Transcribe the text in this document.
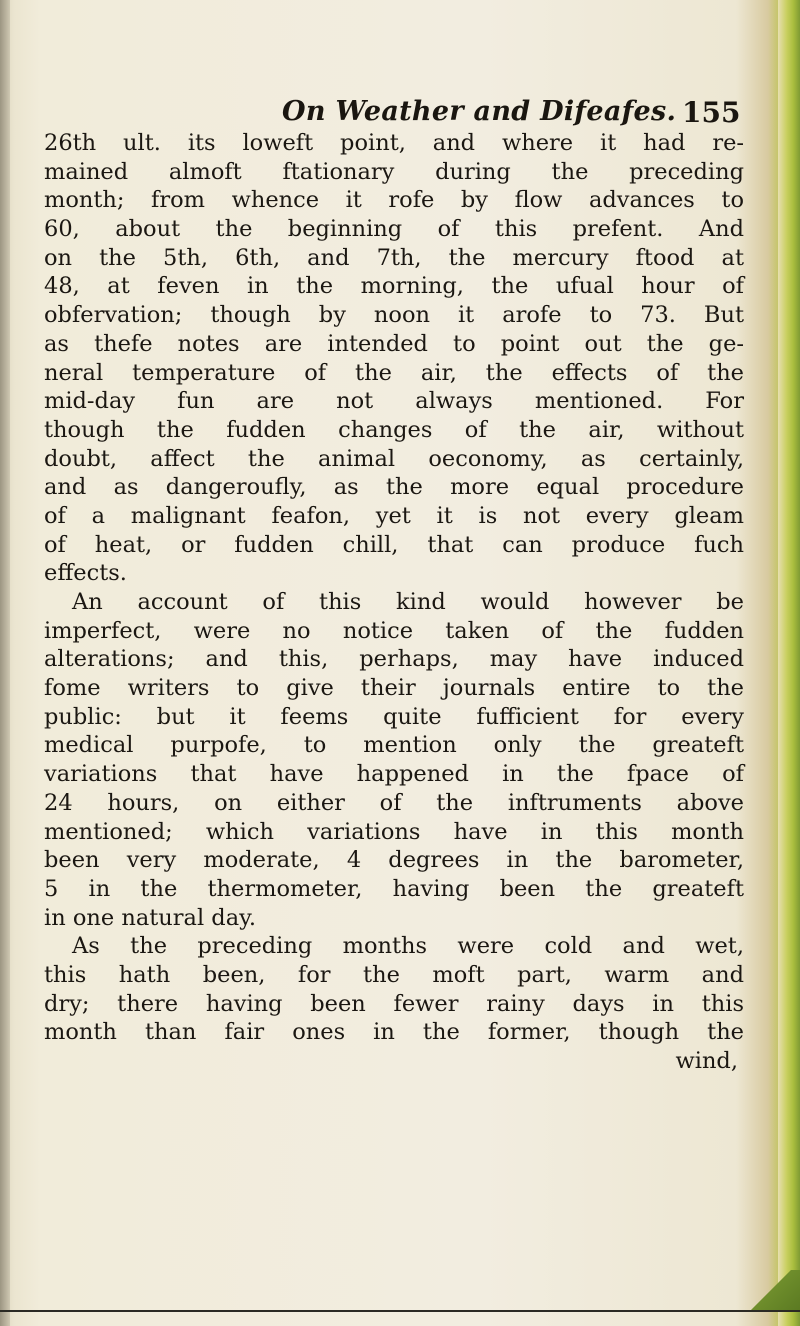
On Weather and Difeafes. 155
26th ult. its loweft point, and where it had re-
mained almoft ftationary during the preceding
month; from whence it rofe by flow advances to
60, about the beginning of this prefent. And
on the 5th, 6th, and 7th, the mercury ftood at
48, at feven in the morning, the ufual hour of
obfervation; though by noon it arofe to 73. But
as thefe notes are intended to point out the ge-
neral temperature of the air, the effects of the
mid-day fun are not always mentioned. For
though the fudden changes of the air, without
doubt, affect the animal oeconomy, as certainly,
and as dangeroufly, as the more equal procedure
of a malignant feafon, yet it is not every gleam
of heat, or fudden chill, that can produce fuch
effects.
An account of this kind would however be
imperfect, were no notice taken of the fudden
alterations; and this, perhaps, may have induced
fome writers to give their journals entire to the
public: but it feems quite fufficient for every
medical purpofe, to mention only the greateft
variations that have happened in the fpace of
24 hours, on either of the inftruments above
mentioned; which variations have in this month
been very moderate, 4 degrees in the barometer,
5 in the thermometer, having been the greateft
in one natural day.
As the preceding months were cold and wet,
this hath been, for the moft part, warm and
dry; there having been fewer rainy days in this
month than fair ones in the former, though the
wind,
